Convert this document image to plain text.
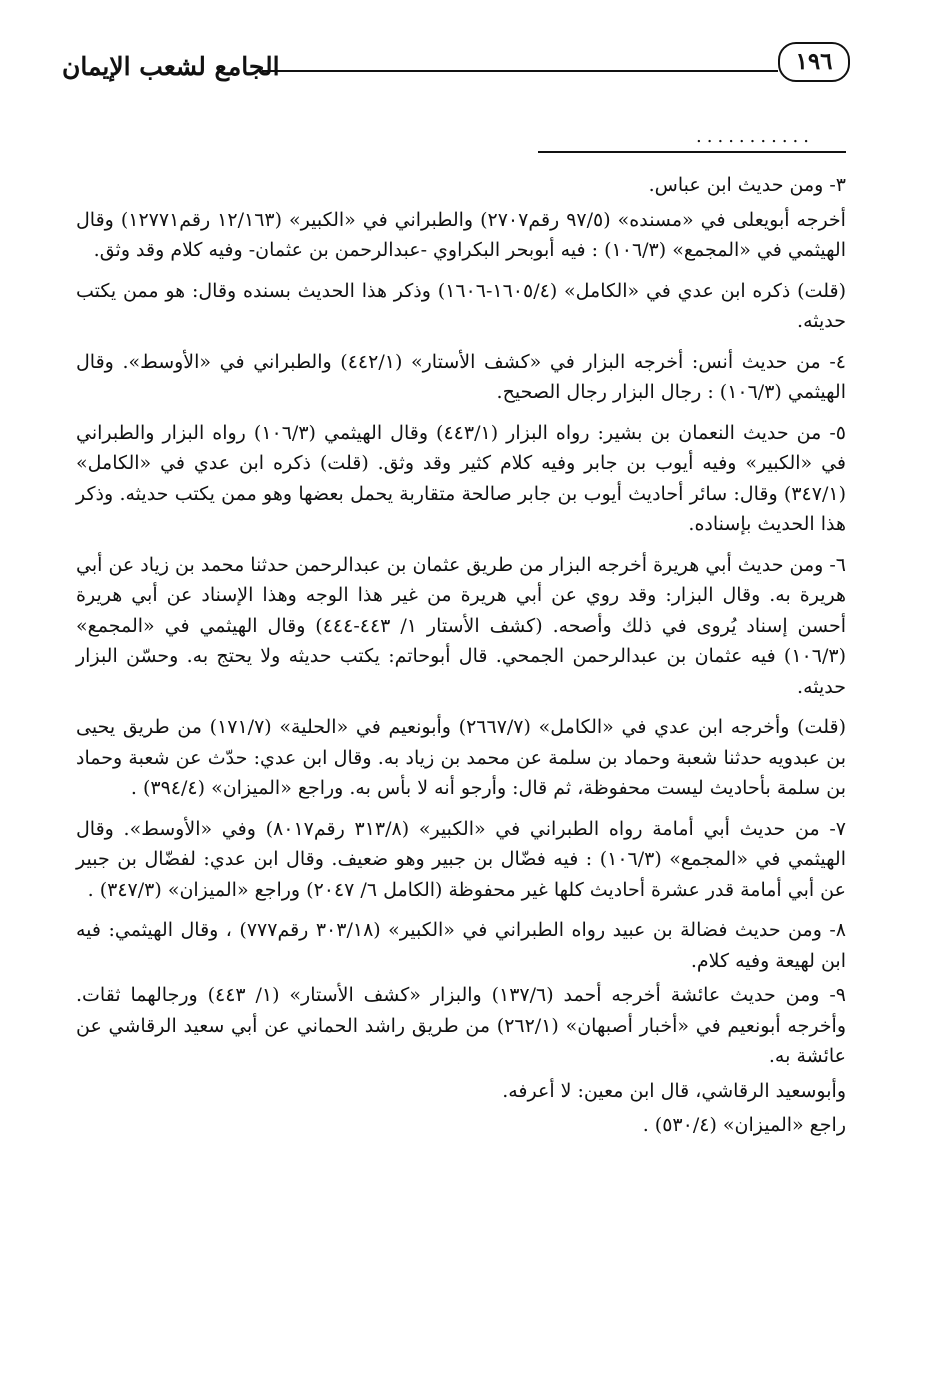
١٩٦
الجامع لشعب الإيمان
...........

٣- ومن حديث ابن عباس.

أخرجه أبويعلى في «مسنده» (٩٧/٥ رقم٢٧٠٧) والطبراني في «الكبير» (١٢/١٦٣ رقم١٢٧٧١) وقال الهيثمي في «المجمع» (١٠٦/٣) : فيه أبوبحر البكراوي -عبدالرحمن بن عثمان- وفيه كلام وقد وثق.

(قلت) ذكره ابن عدي في «الكامل» (١٦٠٥/٤-١٦٠٦) وذكر هذا الحديث بسنده وقال: هو ممن يكتب حديثه.

٤- من حديث أنس: أخرجه البزار في «كشف الأستار» (٤٤٢/١) والطبراني في «الأوسط». وقال الهيثمي (١٠٦/٣) : رجال البزار رجال الصحيح.

٥- من حديث النعمان بن بشير: رواه البزار (٤٤٣/١) وقال الهيثمي (١٠٦/٣) رواه البزار والطبراني في «الكبير» وفيه أيوب بن جابر وفيه كلام كثير وقد وثق. (قلت) ذكره ابن عدي في «الكامل» (٣٤٧/١) وقال: سائر أحاديث أيوب بن جابر صالحة متقاربة يحمل بعضها وهو ممن يكتب حديثه. وذكر هذا الحديث بإسناده.

٦- ومن حديث أبي هريرة أخرجه البزار من طريق عثمان بن عبدالرحمن حدثنا محمد بن زياد عن أبي هريرة به. وقال البزار: وقد روي عن أبي هريرة من غير هذا الوجه وهذا الإسناد عن أبي هريرة أحسن إسناد يُروى في ذلك وأصحه. (كشف الأستار ١/ ٤٤٣-٤٤٤) وقال الهيثمي في «المجمع» (١٠٦/٣) فيه عثمان بن عبدالرحمن الجمحي. قال أبوحاتم: يكتب حديثه ولا يحتج به. وحسّن البزار حديثه.

(قلت) وأخرجه ابن عدي في «الكامل» (٢٦٦٧/٧) وأبونعيم في «الحلية» (١٧١/٧) من طريق يحيى بن عبدويه حدثنا شعبة وحماد بن سلمة عن محمد بن زياد به. وقال ابن عدي: حدّث عن شعبة وحماد بن سلمة بأحاديث ليست محفوظة، ثم قال: وأرجو أنه لا بأس به. وراجع «الميزان» (٣٩٤/٤) .

٧- من حديث أبي أمامة رواه الطبراني في «الكبير» (٣١٣/٨ رقم٨٠١٧) وفي «الأوسط». وقال الهيثمي في «المجمع» (١٠٦/٣) : فيه فضّال بن جبير وهو ضعيف. وقال ابن عدي: لفضّال بن جبير عن أبي أمامة قدر عشرة أحاديث كلها غير محفوظة (الكامل ٦/ ٢٠٤٧) وراجع «الميزان» (٣٤٧/٣) .

٨- ومن حديث فضالة بن عبيد رواه الطبراني في «الكبير» (٣٠٣/١٨ رقم٧٧٧) ، وقال الهيثمي: فيه ابن لهيعة وفيه كلام.

٩- ومن حديث عائشة أخرجه أحمد (١٣٧/٦) والبزار «كشف الأستار» (١/ ٤٤٣) ورجالهما ثقات. وأخرجه أبونعيم في «أخبار أصبهان» (٢٦٢/١) من طريق راشد الحماني عن أبي سعيد الرقاشي عن عائشة به.

وأبوسعيد الرقاشي، قال ابن معين: لا أعرفه.

راجع «الميزان» (٥٣٠/٤) .
